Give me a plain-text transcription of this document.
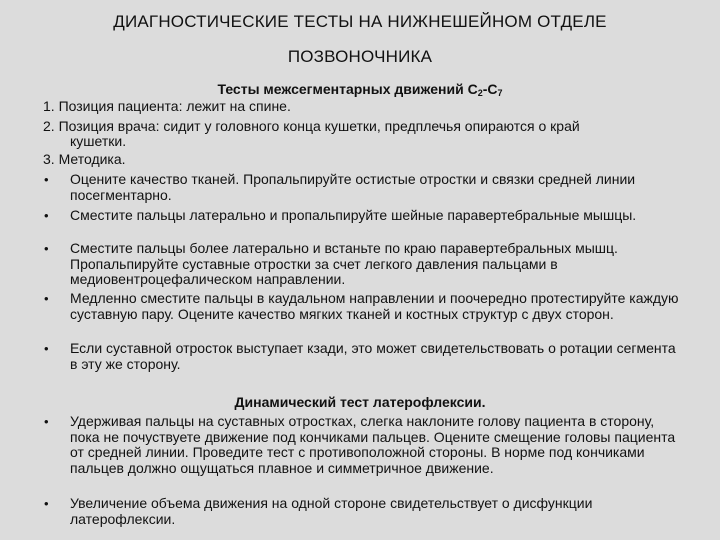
ДИАГНОСТИЧЕСКИЕ ТЕСТЫ НА НИЖНЕШЕЙНОМ ОТДЕЛЕ
ПОЗВОНОЧНИКА
Тесты межсегментарных движений $С_2-С_7$
1. Позиция пациента: лежит на спине.
2. Позиция врача: сидит у головного конца кушетки, предплечья опираются о край
кушетки.
3. Методика.
• Оцените качество тканей. Пропальпируйте остистые отростки и связки средней линии посегментарно.
• Сместите пальцы латерально и пропальпируйте шейные паравертебральные мышцы.
• Сместите пальцы более латерально и встаньте по краю паравертебральных мышц. Пропальпируйте суставные отростки за счет легкого давления пальцами в медиовентроцефалическом направлении.
• Медленно сместите пальцы в каудальном направлении и поочередно протестируйте каждую суставную пару. Оцените качество мягких тканей и костных структур с двух сторон.
• Если суставной отросток выступает кзади, это может свидетельствовать о ротации сегмента в эту же сторону.
Динамический тест латерофлексии.
• Удерживая пальцы на суставных отростках, слегка наклоните голову пациента в сторону, пока не почуствуете движение под кончиками пальцев. Оцените смещение головы пациента от средней линии. Проведите тест с противоположной стороны. В норме под кончиками пальцев должно ощущаться плавное и симметричное движение.
• Увеличение объема движения на одной стороне свидетельствует о дисфункции латерофлексии.
